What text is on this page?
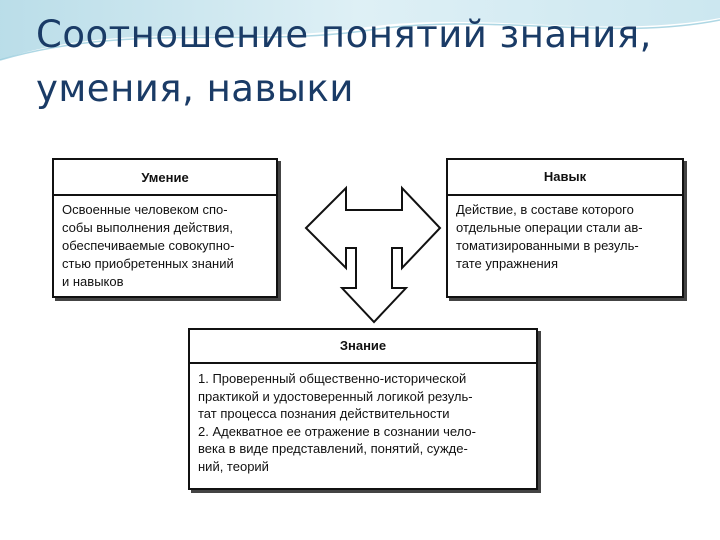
Соотношение понятий знания,
умения, навыки
Умение
Освоенные человеком спо-
собы выполнения действия,
обеспечиваемые совокупно-
стью приобретенных знаний
и навыков
Навык
Действие, в составе которого
отдельные операции стали ав-
томатизированными в резуль-
тате упражнения
Знание
1. Проверенный общественно-исторической
практикой и удостоверенный логикой резуль-
тат процесса познания действительности
2. Адекватное ее отражение в сознании чело-
века в виде представлений, понятий, сужде-
ний, теорий
